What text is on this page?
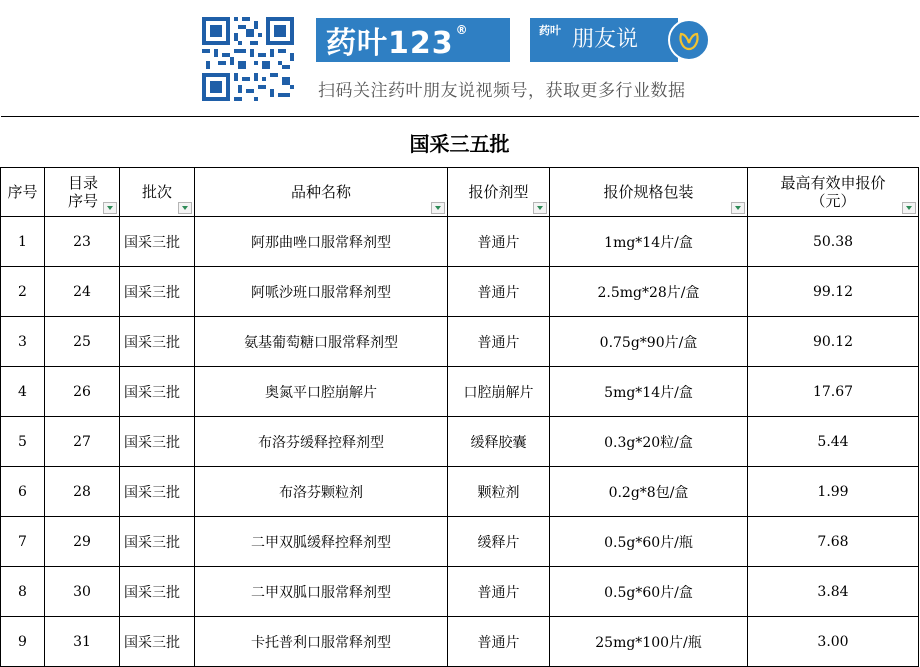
药叶123 ®	药叶 朋友说
扫码关注药叶朋友说视频号，获取更多行业数据
国采三五批						
序号	目录序号	批次	品种名称	报价剂型	报价规格包装	最高有效申报价（元）

1	23	国采三批	阿那曲唑口服常释剂型	普通片	1mg*14片/盒	50.38
2	24	国采三批	阿哌沙班口服常释剂型	普通片	2.5mg*28片/盒	99.12
3	25	国采三批	氨基葡萄糖口服常释剂型	普通片	0.75g*90片/盒	90.12
4	26	国采三批	奥氮平口腔崩解片	口腔崩解片	5mg*14片/盒	17.67
5	27	国采三批	布洛芬缓释控释剂型	缓释胶囊	0.3g*20粒/盒	5.44
6	28	国采三批	布洛芬颗粒剂	颗粒剂	0.2g*8包/盒	1.99
7	29	国采三批	二甲双胍缓释控释剂型	缓释片	0.5g*60片/瓶	7.68
8	30	国采三批	二甲双胍口服常释剂型	普通片	0.5g*60片/盒	3.84
9	31	国采三批	卡托普利口服常释剂型	普通片	25mg*100片/瓶	3.00
